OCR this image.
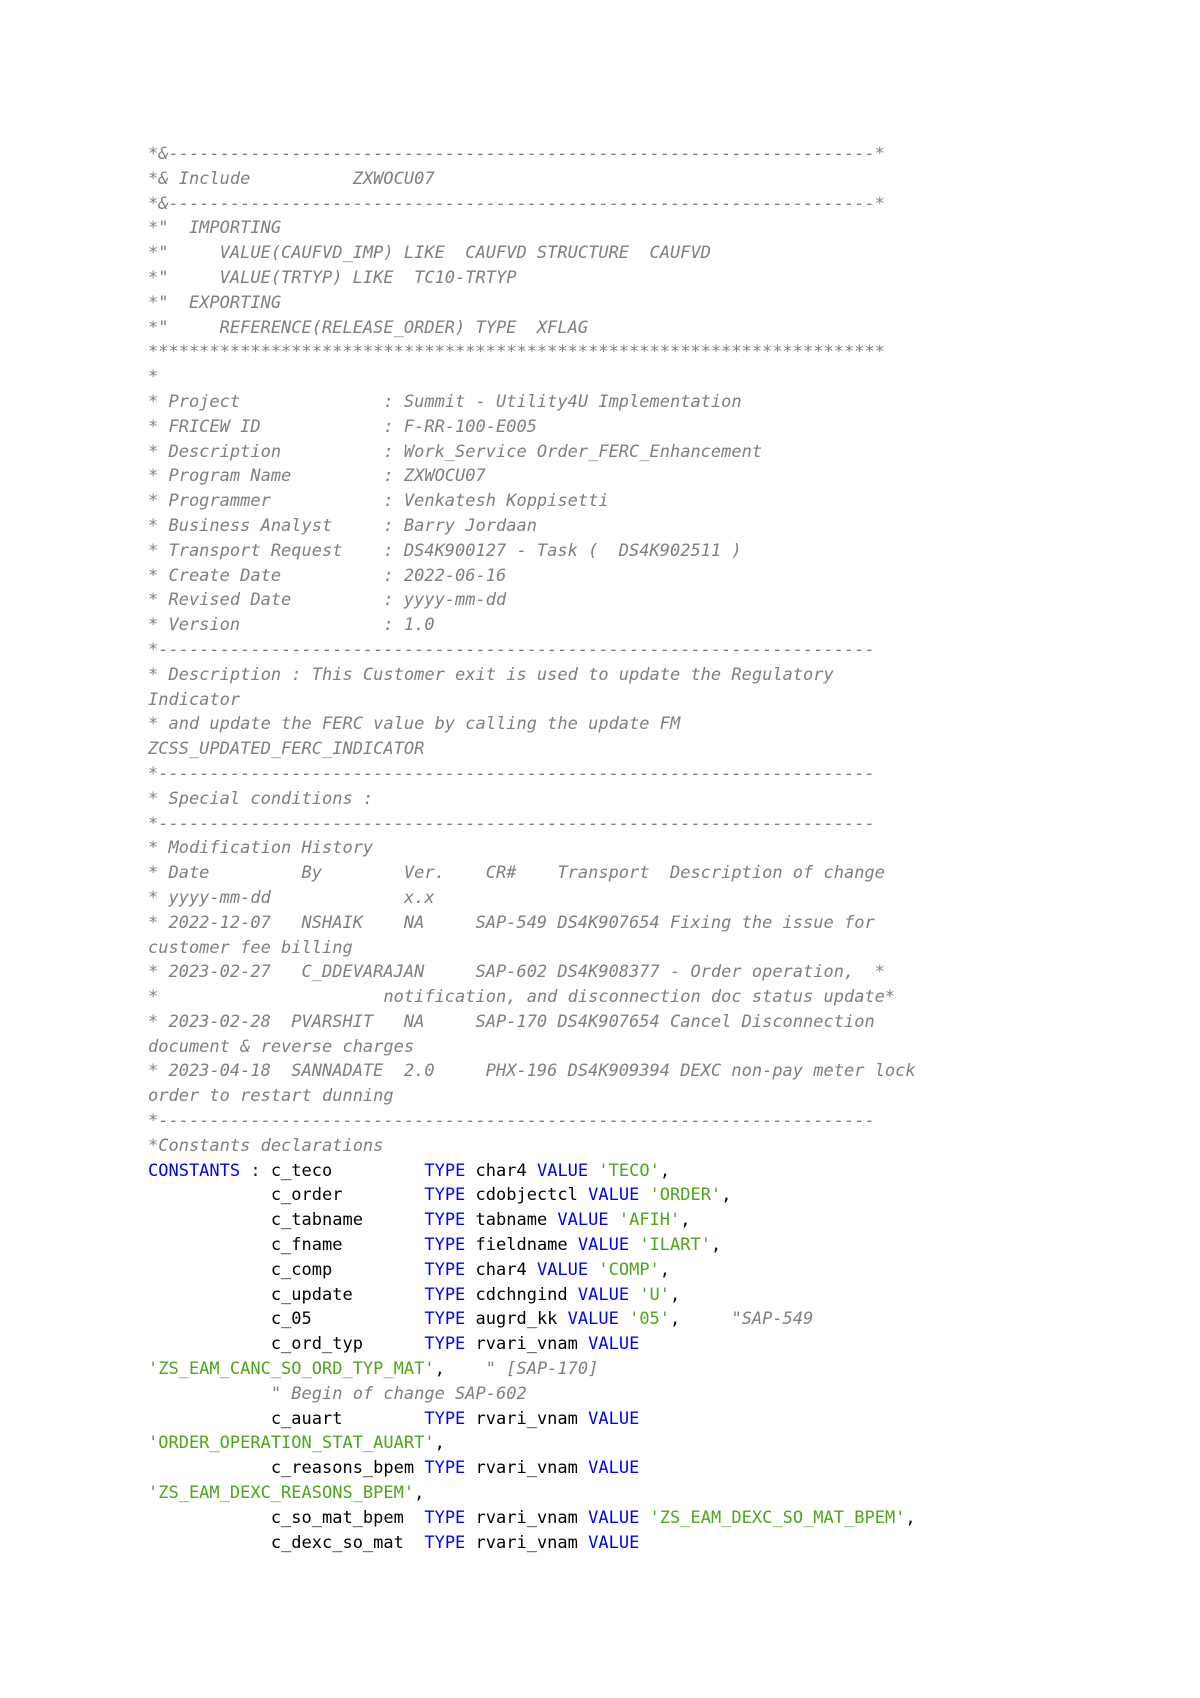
*&---------------------------------------------------------------------*
*& Include          ZXWOCU07
*&---------------------------------------------------------------------*
*"  IMPORTING
*"     VALUE(CAUFVD_IMP) LIKE  CAUFVD STRUCTURE  CAUFVD
*"     VALUE(TRTYP) LIKE  TC10-TRTYP
*"  EXPORTING
*"     REFERENCE(RELEASE_ORDER) TYPE  XFLAG
************************************************************************
*
* Project              : Summit - Utility4U Implementation
* FRICEW ID            : F-RR-100-E005
* Description          : Work_Service Order_FERC_Enhancement
* Program Name         : ZXWOCU07
* Programmer           : Venkatesh Koppisetti
* Business Analyst     : Barry Jordaan
* Transport Request    : DS4K900127 - Task (  DS4K902511 )
* Create Date          : 2022-06-16
* Revised Date         : yyyy-mm-dd
* Version              : 1.0
*----------------------------------------------------------------------
* Description : This Customer exit is used to update the Regulatory
Indicator
* and update the FERC value by calling the update FM
ZCSS_UPDATED_FERC_INDICATOR
*----------------------------------------------------------------------
* Special conditions :
*----------------------------------------------------------------------
* Modification History
* Date         By        Ver.    CR#    Transport  Description of change
* yyyy-mm-dd             x.x
* 2022-12-07   NSHAIK    NA     SAP-549 DS4K907654 Fixing the issue for
customer fee billing
* 2023-02-27   C_DDEVARAJAN     SAP-602 DS4K908377 - Order operation,  *
*                      notification, and disconnection doc status update*
* 2023-02-28  PVARSHIT   NA     SAP-170 DS4K907654 Cancel Disconnection
document & reverse charges
* 2023-04-18  SANNADATE  2.0     PHX-196 DS4K909394 DEXC non-pay meter lock
order to restart dunning
*----------------------------------------------------------------------
*Constants declarations
CONSTANTS : c_teco         TYPE char4 VALUE 'TECO',
c_order        TYPE cdobjectcl VALUE 'ORDER',
c_tabname      TYPE tabname VALUE 'AFIH',
c_fname        TYPE fieldname VALUE 'ILART',
c_comp         TYPE char4 VALUE 'COMP',
c_update       TYPE cdchngind VALUE 'U',
c_05           TYPE augrd_kk VALUE '05',     "SAP-549
c_ord_typ      TYPE rvari_vnam VALUE
'ZS_EAM_CANC_SO_ORD_TYP_MAT',    " [SAP-170]
" Begin of change SAP-602
c_auart        TYPE rvari_vnam VALUE
'ORDER_OPERATION_STAT_AUART',
c_reasons_bpem TYPE rvari_vnam VALUE
'ZS_EAM_DEXC_REASONS_BPEM',
c_so_mat_bpem  TYPE rvari_vnam VALUE 'ZS_EAM_DEXC_SO_MAT_BPEM',
c_dexc_so_mat  TYPE rvari_vnam VALUE
